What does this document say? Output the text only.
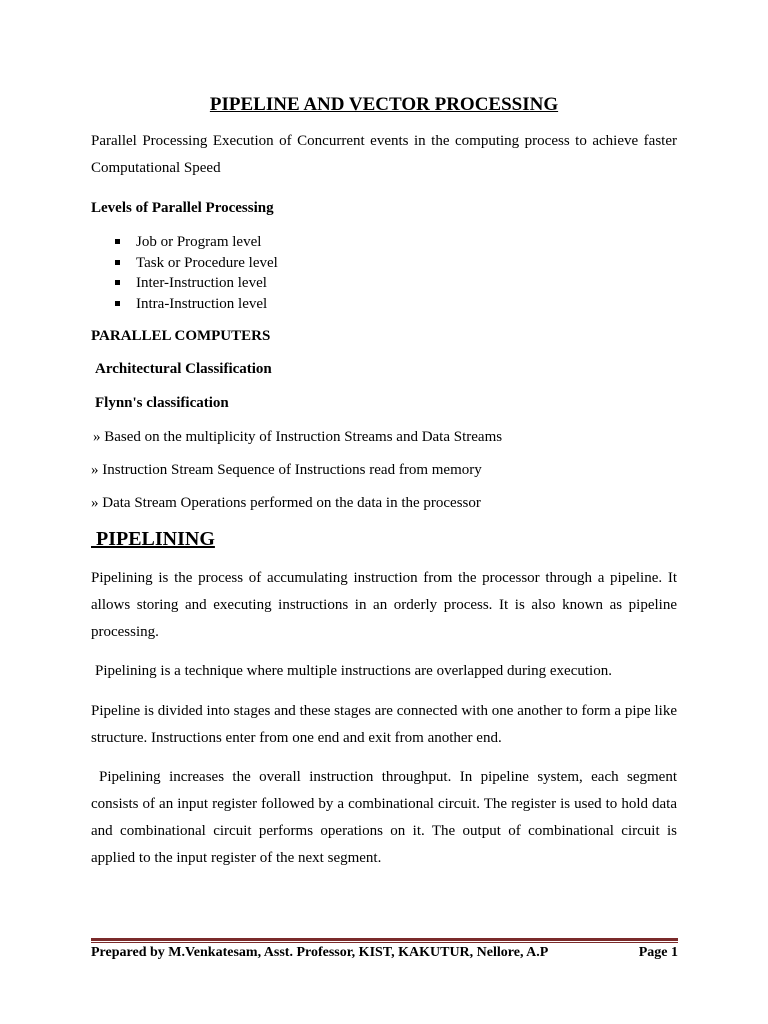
PIPELINE AND VECTOR PROCESSING
Parallel Processing Execution of Concurrent events in the computing process to achieve faster Computational Speed
Levels of Parallel Processing
Job or Program level
Task or Procedure level
Inter-Instruction level
Intra-Instruction level
PARALLEL COMPUTERS
Architectural Classification
Flynn's classification
» Based on the multiplicity of Instruction Streams and Data Streams
» Instruction Stream Sequence of Instructions read from memory
» Data Stream Operations performed on the data in the processor
PIPELINING
Pipelining is the process of accumulating instruction from the processor through a pipeline. It allows storing and executing instructions in an orderly process. It is also known as pipeline processing.
Pipelining is a technique where multiple instructions are overlapped during execution.
Pipeline is divided into stages and these stages are connected with one another to form a pipe like structure. Instructions enter from one end and exit from another end.
Pipelining increases the overall instruction throughput. In pipeline system, each segment consists of an input register followed by a combinational circuit. The register is used to hold data and combinational circuit performs operations on it. The output of combinational circuit is applied to the input register of the next segment.
Prepared by M.Venkatesam, Asst. Professor, KIST, KAKUTUR, Nellore, A.P	Page 1
